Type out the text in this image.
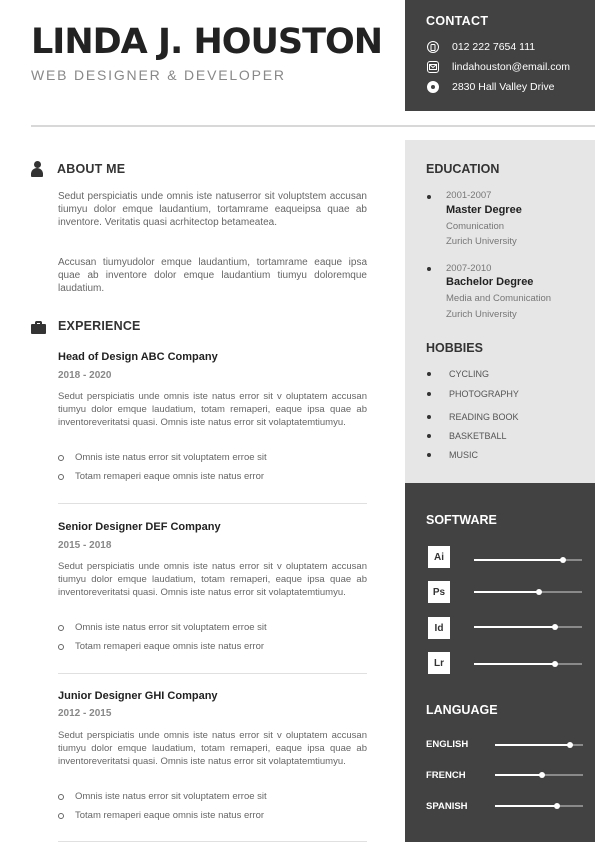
LINDA J. HOUSTON
WEB DESIGNER & DEVELOPER
CONTACT
012 222 7654 111
lindahouston@email.com
2830 Hall Valley Drive
ABOUT ME
Sedut perspiciatis unde omnis iste natuserror sit voluptstem accusan tiumyu dolor emque laudantium, tortamrame eaqueipsa quae ab inventore. Veritatis quasi acrhitectop betameatea.
Accusan tiumyudolor emque laudantium, tortamrame eaque ipsa quae ab inventore dolor emque laudantium tiumyu doloremque laudatium.
EXPERIENCE
Head of Design ABC Company
2018 - 2020
Sedut perspiciatis unde omnis iste natus error sit v oluptatem accusan tiumyu dolor emque laudatium, totam remaperi, eaque ipsa quae ab inventoreveritatsi quasi. Omnis iste natus error sit volaptatemtiumyu.
Omnis iste natus error sit voluptatem erroe sit
Totam remaperi eaque omnis iste natus error
Senior Designer DEF Company
2015 - 2018
Sedut perspiciatis unde omnis iste natus error sit v oluptatem accusan tiumyu dolor emque laudatium, totam remaperi, eaque ipsa quae ab inventoreveritatsi quasi. Omnis iste natus error sit volaptatemtiumyu.
Omnis iste natus error sit voluptatem erroe sit
Totam remaperi eaque omnis iste natus error
Junior Designer GHI Company
2012 - 2015
Sedut perspiciatis unde omnis iste natus error sit v oluptatem accusan tiumyu dolor emque laudatium, totam remaperi, eaque ipsa quae ab inventoreveritatsi quasi. Omnis iste natus error sit volaptatemtiumyu.
Omnis iste natus error sit voluptatem erroe sit
Totam remaperi eaque omnis iste natus error
EDUCATION
2001-2007
Master Degree
Comunication
Zurich University
2007-2010
Bachelor Degree
Media and Comunication
Zurich University
HOBBIES
CYCLING
PHOTOGRAPHY
READING BOOK
BASKETBALL
MUSIC
SOFTWARE
Ai
Ps
Id
Lr
LANGUAGE
ENGLISH
FRENCH
SPANISH
